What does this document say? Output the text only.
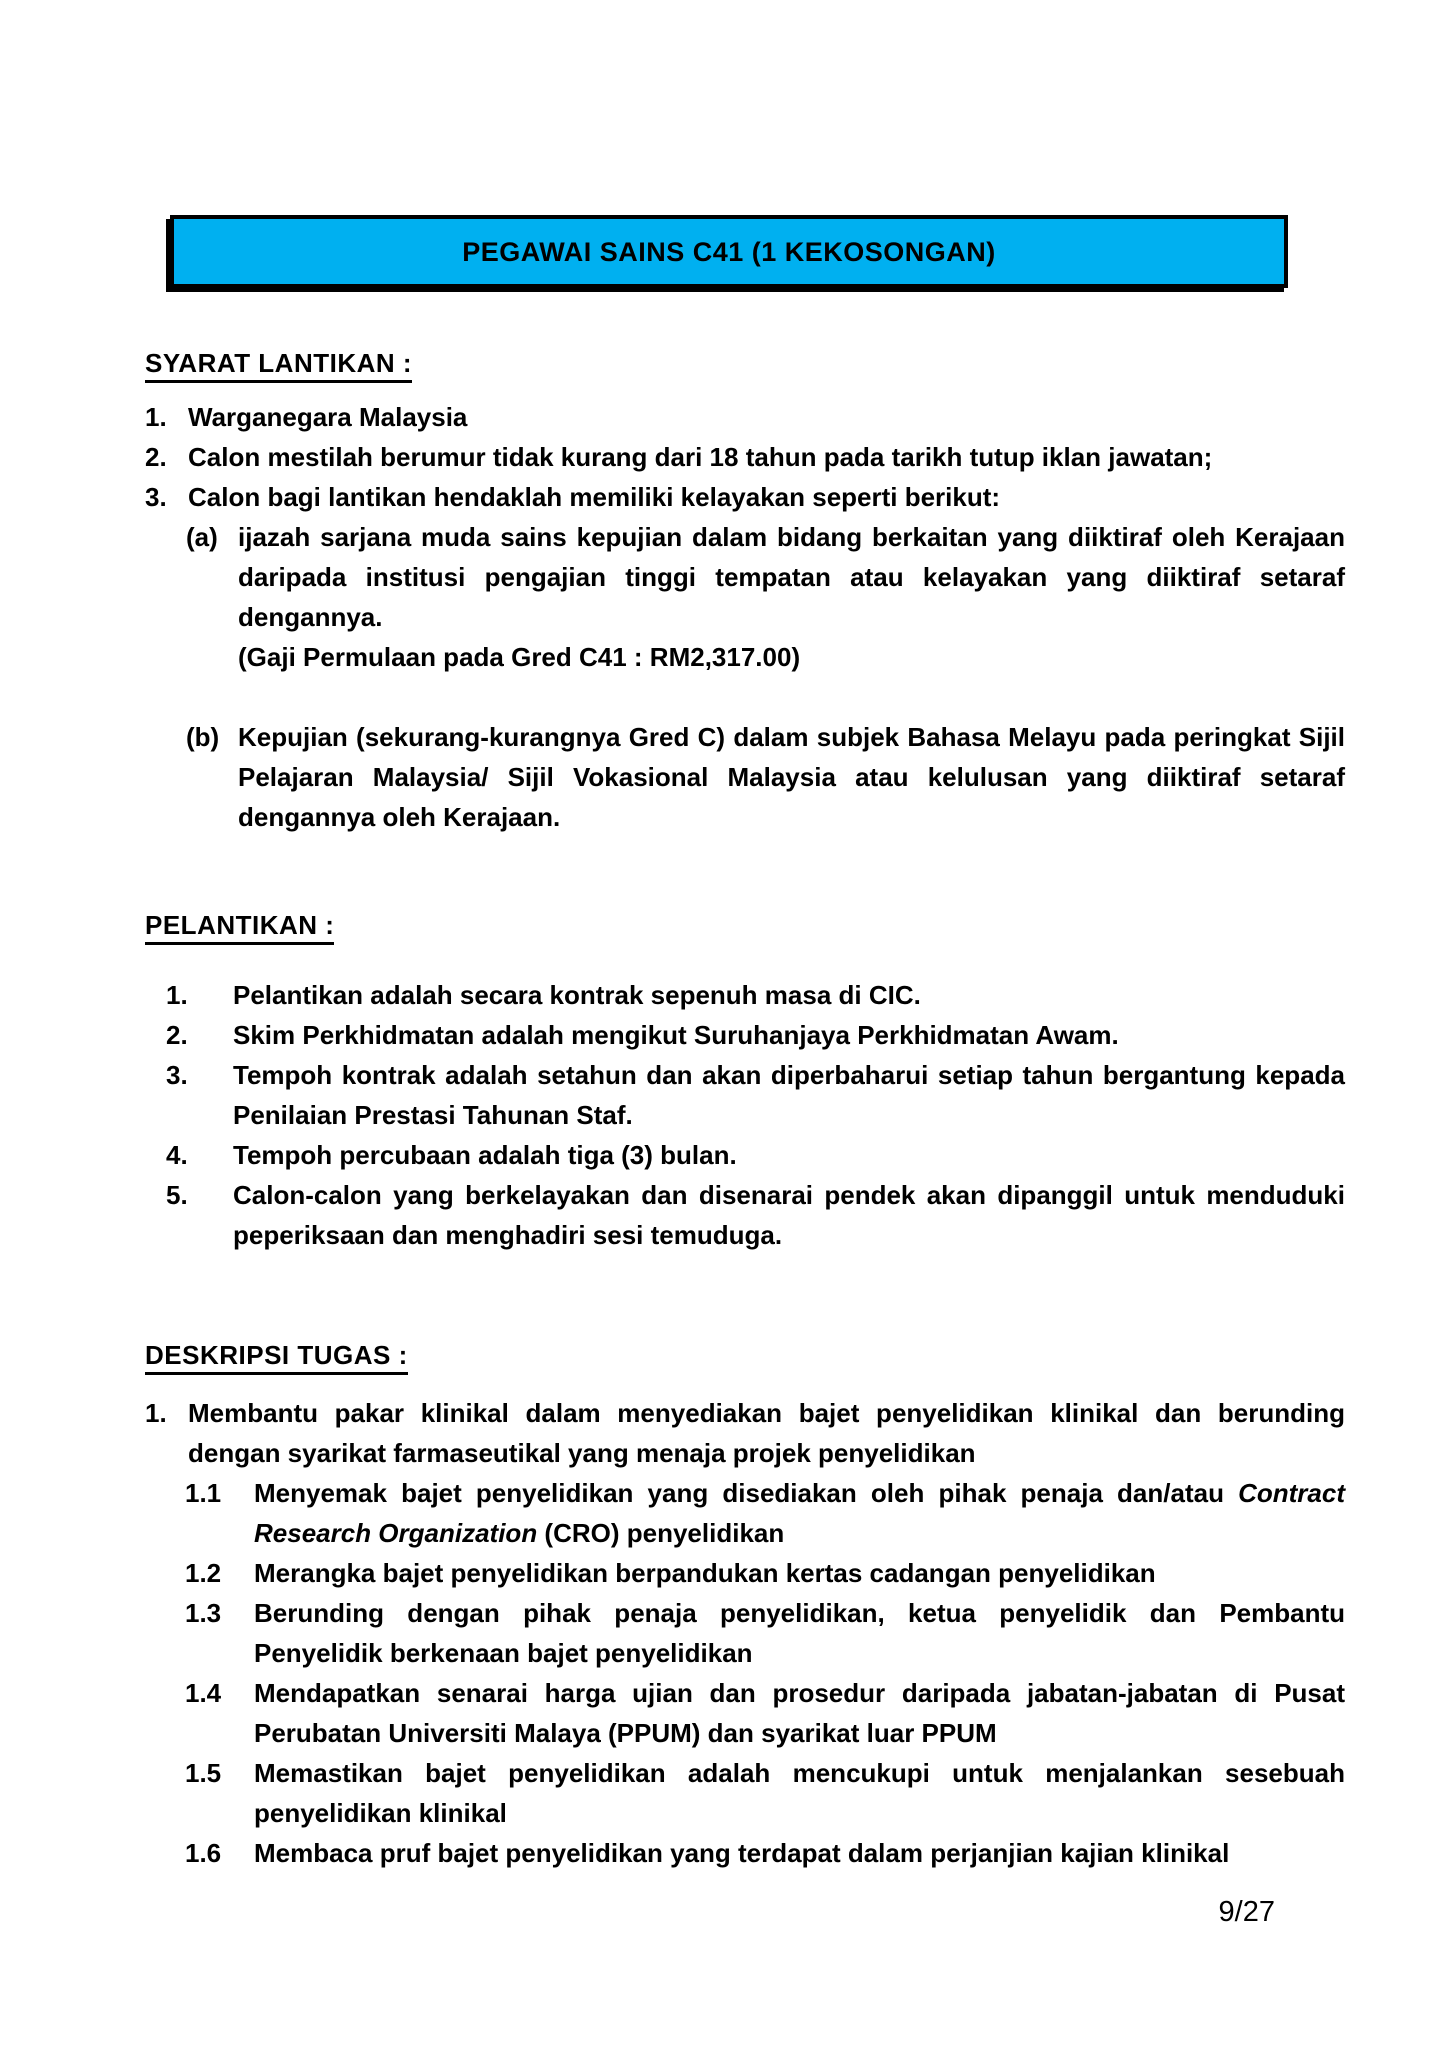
PEGAWAI SAINS C41 (1 KEKOSONGAN)
SYARAT LANTIKAN :
1. Warganegara Malaysia
2. Calon mestilah berumur tidak kurang dari 18 tahun pada tarikh tutup iklan jawatan;
3. Calon bagi lantikan hendaklah memiliki kelayakan seperti berikut:
(a) ijazah sarjana muda sains kepujian dalam bidang berkaitan yang diiktiraf oleh Kerajaan daripada institusi pengajian tinggi tempatan atau kelayakan yang diiktiraf setaraf dengannya.
(Gaji Permulaan pada Gred C41 : RM2,317.00)
(b) Kepujian (sekurang-kurangnya Gred C) dalam subjek Bahasa Melayu pada peringkat Sijil Pelajaran Malaysia/ Sijil Vokasional Malaysia atau kelulusan yang diiktiraf setaraf dengannya oleh Kerajaan.
PELANTIKAN :
1.	Pelantikan adalah secara kontrak sepenuh masa di CIC.
2.	Skim Perkhidmatan adalah mengikut Suruhanjaya Perkhidmatan Awam.
3.	Tempoh kontrak adalah setahun dan akan diperbaharui setiap tahun bergantung kepada Penilaian Prestasi Tahunan Staf.
4.	Tempoh percubaan adalah tiga (3) bulan.
5.	Calon-calon yang berkelayakan dan disenarai pendek akan dipanggil untuk menduduki peperiksaan dan menghadiri sesi temuduga.
DESKRIPSI TUGAS :
1. Membantu pakar klinikal dalam menyediakan bajet penyelidikan klinikal dan berunding dengan syarikat farmaseutikal yang menaja projek penyelidikan
1.1	Menyemak bajet penyelidikan yang disediakan oleh pihak penaja dan/atau Contract Research Organization (CRO) penyelidikan
1.2	Merangka bajet penyelidikan berpandukan kertas cadangan penyelidikan
1.3	Berunding dengan pihak penaja penyelidikan, ketua penyelidik dan Pembantu Penyelidik berkenaan bajet penyelidikan
1.4	Mendapatkan senarai harga ujian dan prosedur daripada jabatan-jabatan di Pusat Perubatan Universiti Malaya (PPUM) dan syarikat luar PPUM
1.5	Memastikan bajet penyelidikan adalah mencukupi untuk menjalankan sesebuah penyelidikan klinikal
1.6	Membaca pruf bajet penyelidikan yang terdapat dalam perjanjian kajian klinikal
9/27
